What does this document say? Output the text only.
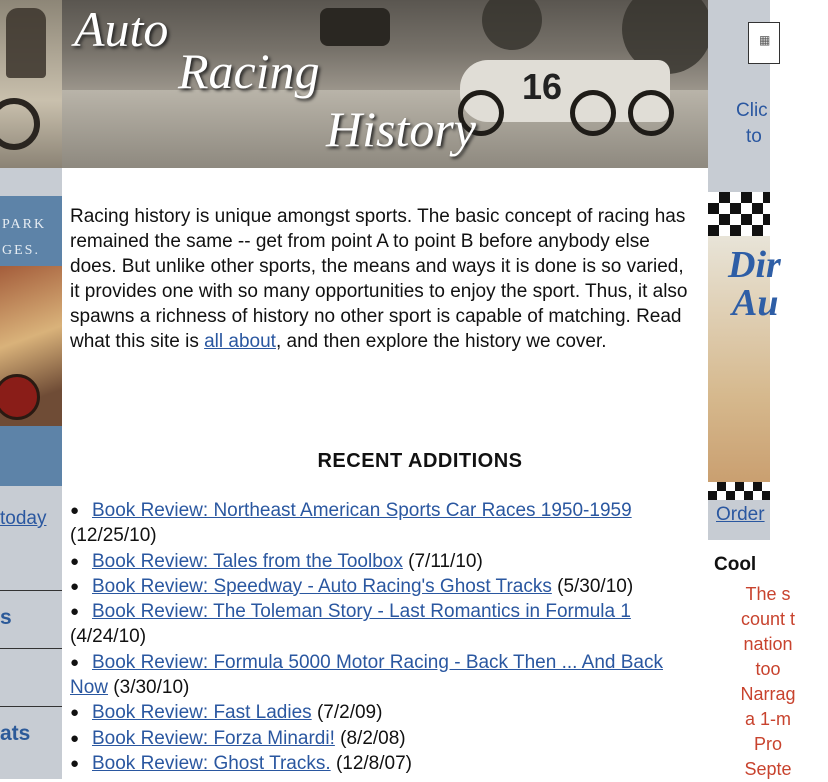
PARK
GES.
today
s
ats
16
Auto
Racing
History
▦
Clic
to
Dir
Au
Order
Cool
The s
count t
nation
too
Narrag
a 1-m
Pro
Septe

Racing history is unique amongst sports. The basic concept of racing has remained the same -- get from point A to point B before anybody else does. But unlike other sports, the means and ways it is done is so varied, it provides one with so many opportunities to enjoy the sport. Thus, it also spawns a richness of history no other sport is capable of matching. Read what this site is all about, and then explore the history we cover.

RECENT ADDITIONS
● Book Review: Northeast American Sports Car Races 1950-1959
(12/25/10)
● Book Review: Tales from the Toolbox (7/11/10)
● Book Review: Speedway - Auto Racing's Ghost Tracks (5/30/10)
● Book Review: The Toleman Story - Last Romantics in Formula 1
(4/24/10)
● Book Review: Formula 5000 Motor Racing - Back Then ... And Back Now (3/30/10)
● Book Review: Fast Ladies (7/2/09)
● Book Review: Forza Minardi! (8/2/08)
● Book Review: Ghost Tracks. (12/8/07)
